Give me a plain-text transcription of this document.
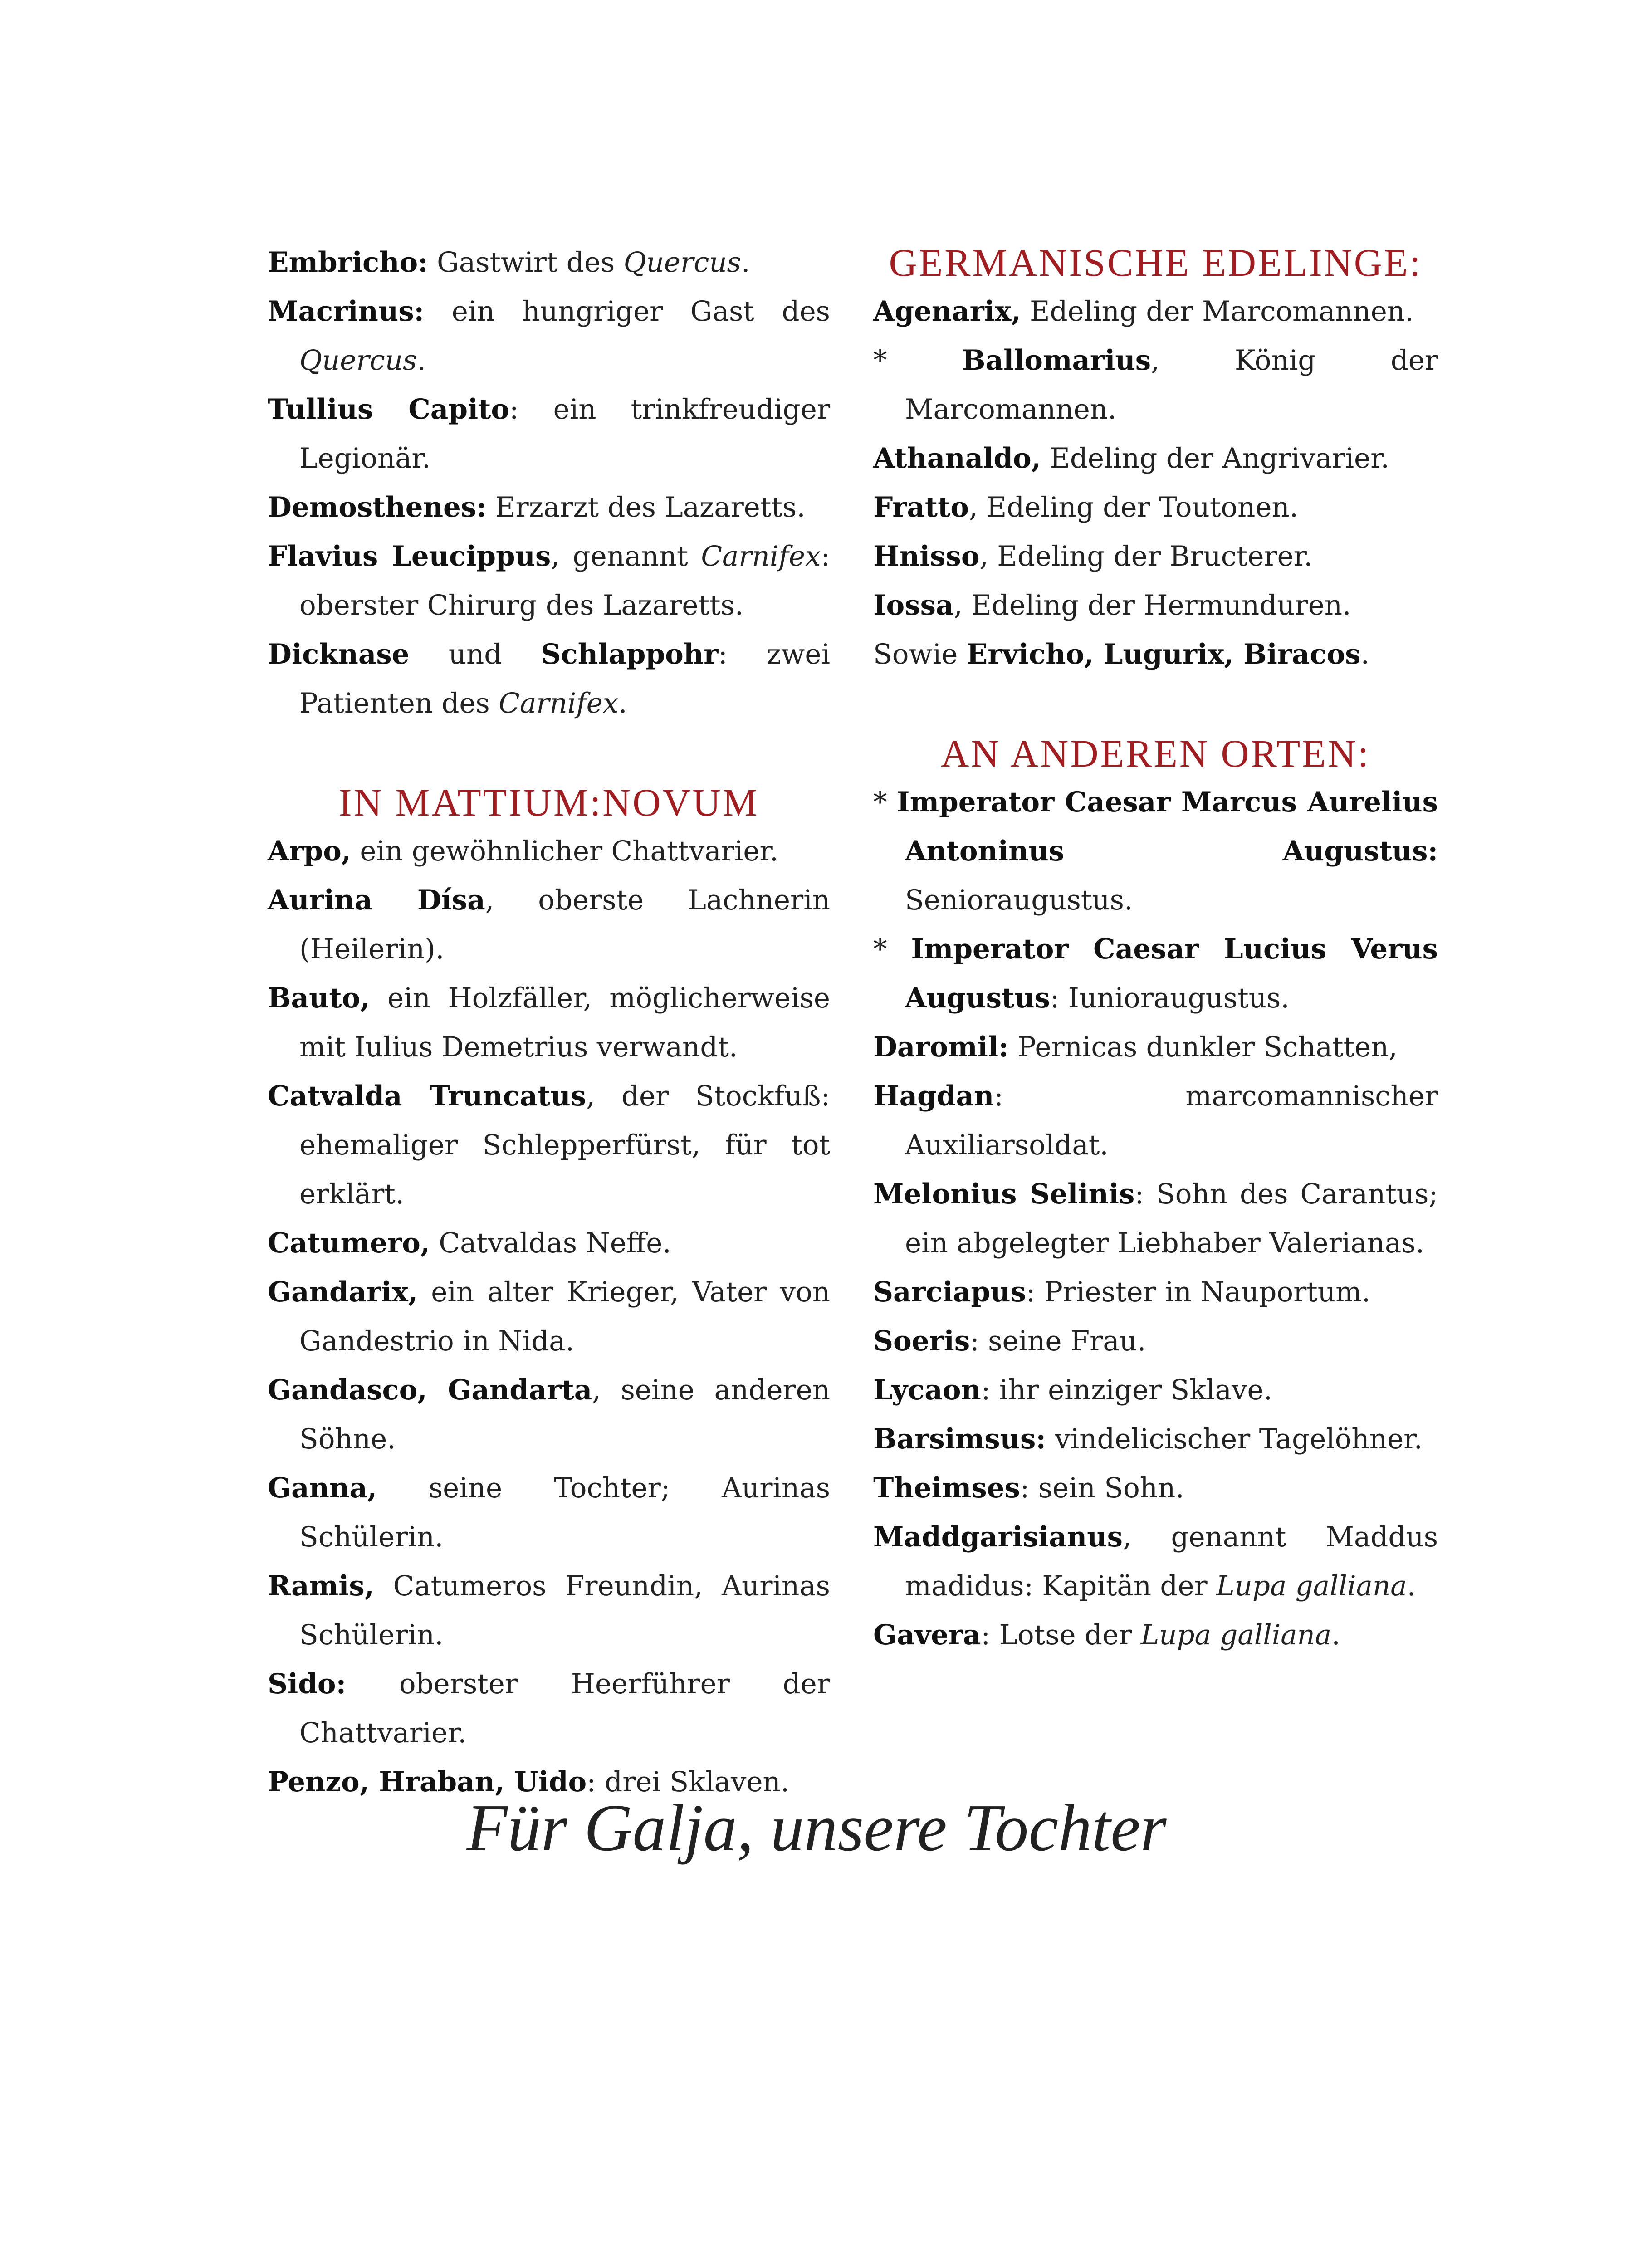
Embricho: Gastwirt des Quercus.
Macrinus: ein hungriger Gast des Quercus.
Tullius Capito: ein trinkfreudiger Legionär.
Demosthenes: Erzarzt des Lazaretts.
Flavius Leucippus, genannt Carnifex: oberster Chirurg des Lazaretts.
Dicknase und Schlappohr: zwei Patienten des Carnifex.
IN MATTIUM:NOVUM
Arpo, ein gewöhnlicher Chattvarier.
Aurina Dísa, oberste Lachnerin (Heilerin).
Bauto, ein Holzfäller, möglicherweise mit Iulius Demetrius verwandt.
Catvalda Truncatus, der Stockfuß: ehemaliger Schlepperfürst, für tot erklärt.
Catumero, Catvaldas Neffe.
Gandarix, ein alter Krieger, Vater von Gandestrio in Nida.
Gandasco, Gandarta, seine anderen Söhne.
Ganna, seine Tochter; Aurinas Schülerin.
Ramis, Catumeros Freundin, Aurinas Schülerin.
Sido: oberster Heerführer der Chattvarier.
Penzo, Hraban, Uido: drei Sklaven.
GERMANISCHE EDELINGE:
Agenarix, Edeling der Marcomannen.
* Ballomarius, König der Marcomannen.
Athanaldo, Edeling der Angrivarier.
Fratto, Edeling der Toutonen.
Hnisso, Edeling der Bructerer.
Iossa, Edeling der Hermunduren.
Sowie Ervicho, Lugurix, Biracos.
AN ANDEREN ORTEN:
* Imperator Caesar Marcus Aurelius Antoninus Augustus: Senioraugustus.
* Imperator Caesar Lucius Verus Augustus: Iunioraugustus.
Daromil: Pernicas dunkler Schatten,
Hagdan: marcomannischer Auxiliarsoldat.
Melonius Selinis: Sohn des Carantus; ein abgelegter Liebhaber Valerianas.
Sarciapus: Priester in Nauportum.
Soeris: seine Frau.
Lycaon: ihr einziger Sklave.
Barsimsus: vindelicischer Tagelöhner.
Theimses: sein Sohn.
Maddgarisianus, genannt Maddus madidus: Kapitän der Lupa galliana.
Gavera: Lotse der Lupa galliana.
Für Galja, unsere Tochter
